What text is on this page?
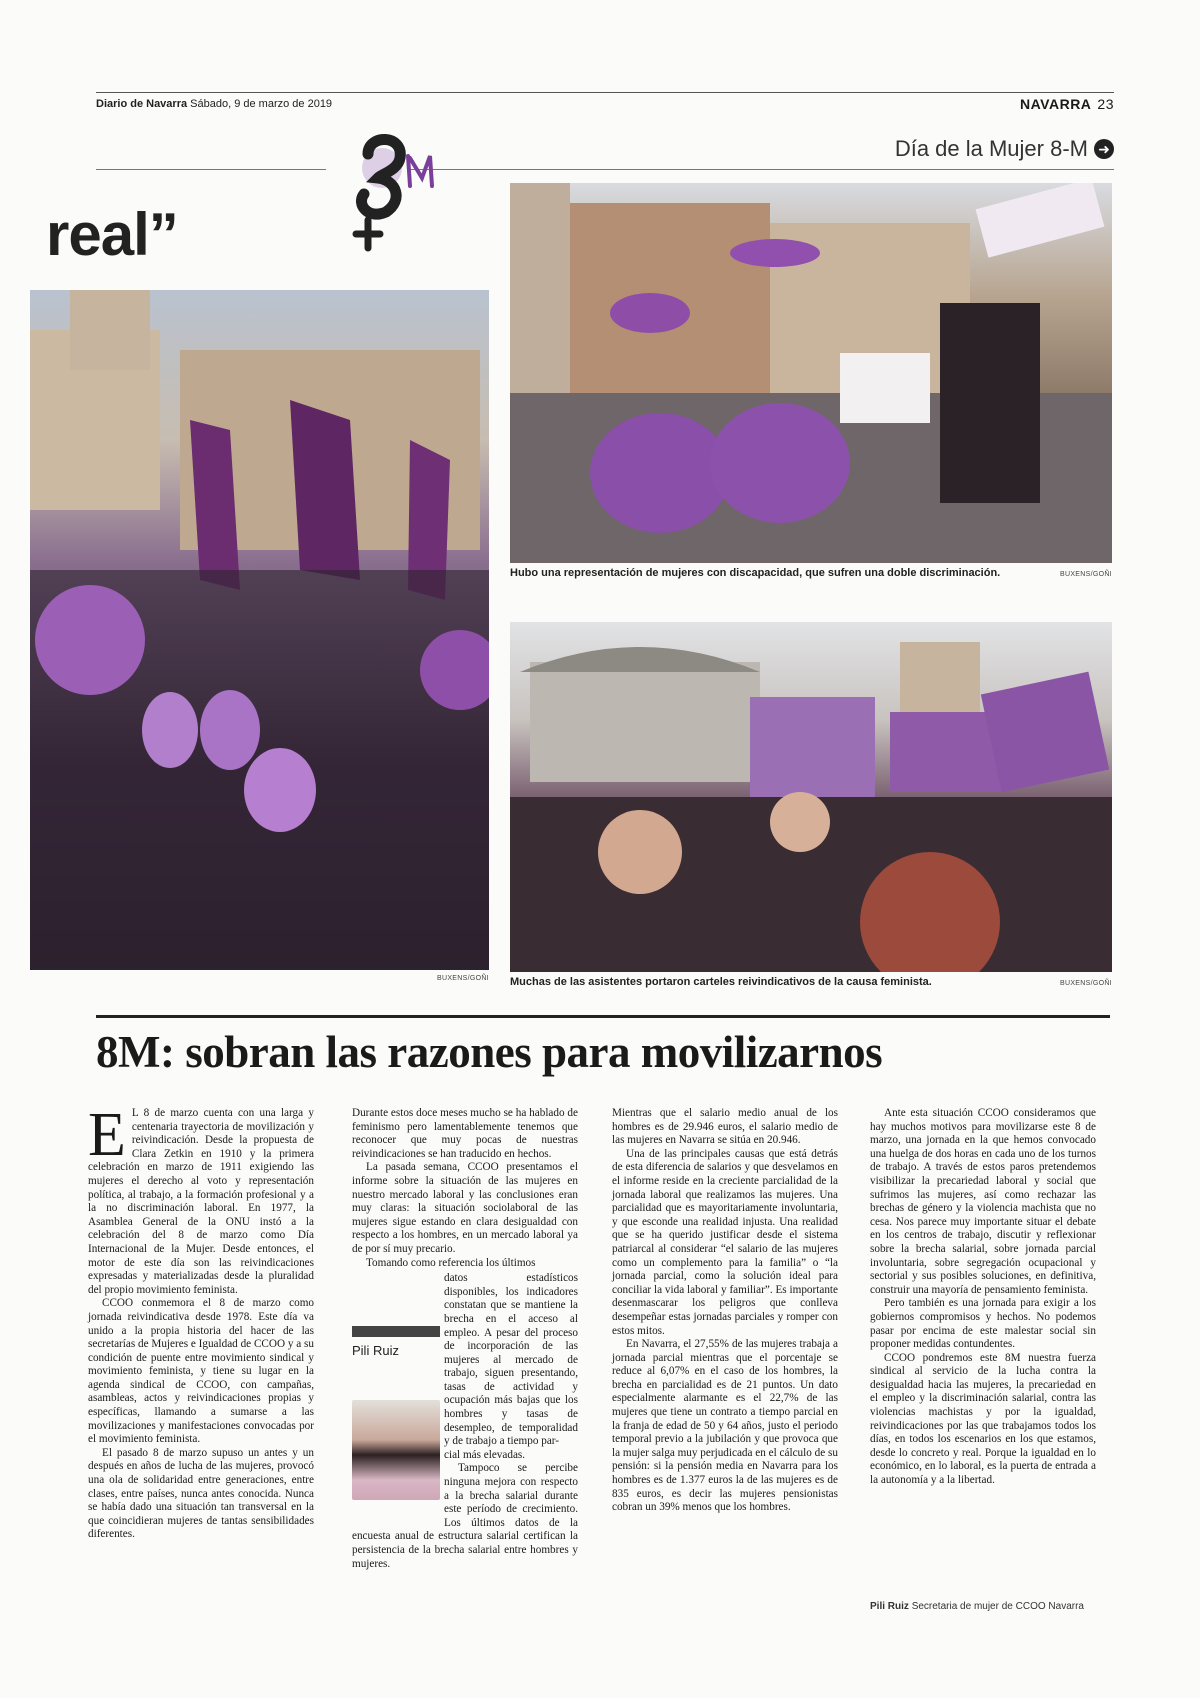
Diario de Navarra Sábado, 9 de marzo de 2019	NAVARRA 23
Día de la Mujer 8-M ➜
real”
BUXENS/GOÑI
Hubo una representación de mujeres con discapacidad, que sufren una doble discriminación.	BUXENS/GOÑI
Muchas de las asistentes portaron carteles reivindicativos de la causa feminista.	BUXENS/GOÑI
8M: sobran las razones para movilizarnos

E L 8 de marzo cuenta con una larga y centenaria trayectoria de movilización y reivindicación. Desde la propuesta de Clara Zetkin en 1910 y la primera celebración en marzo de 1911 exigiendo las mujeres el derecho al voto y representación política, al trabajo, a la formación profesional y a la no discriminación laboral. En 1977, la Asamblea General de la ONU instó a la celebración del 8 de marzo como Día Internacional de la Mujer. Desde entonces, el motor de este día son las reivindicaciones expresadas y materializadas desde la pluralidad del propio movimiento feminista.

CCOO conmemora el 8 de marzo como jornada reivindicativa desde 1978. Este día va unido a la propia historia del hacer de las secretarías de Mujeres e Igualdad de CCOO y a su condición de puente entre movimiento sindical y movimiento feminista, y tiene su lugar en la agenda sindical de CCOO, con campañas, asambleas, actos y reivindicaciones propias y específicas, llamando a sumarse a las movilizaciones y manifestaciones convocadas por el movimiento feminista.

El pasado 8 de marzo supuso un antes y un después en años de lucha de las mujeres, provocó una ola de solidaridad entre generaciones, entre clases, entre países, nunca antes conocida. Nunca se había dado una situación tan transversal en la que coincidieran mujeres de tantas sensibilidades diferentes.

Durante estos doce meses mucho se ha hablado de feminismo pero lamentablemente tenemos que reconocer que muy pocas de nuestras reivindicaciones se han traducido en hechos.

La pasada semana, CCOO presentamos el informe sobre la situación de las mujeres en nuestro mercado laboral y las conclusiones eran muy claras: la situación sociolaboral de las mujeres sigue estando en clara desigualdad con respecto a los hombres, en un mercado laboral ya de por sí muy precario.

Tomando como referencia los últimos

datos estadísticos disponibles, los indicadores constatan que se mantiene la brecha en el acceso al empleo. A pesar del proceso de incorporación de las mujeres al mercado de trabajo, siguen presentando, tasas de actividad y ocupación más bajas que los hombres y tasas de desempleo, de temporalidad y de trabajo a tiempo par-

cial más elevadas.

Tampoco se percibe ninguna mejora con respecto a la brecha salarial durante este período de crecimiento. Los últimos datos de la encuesta anual de estructura salarial certifican la persistencia de la brecha salarial entre hombres y mujeres.

Pili Ruiz

Mientras que el salario medio anual de los hombres es de 29.946 euros, el salario medio de las mujeres en Navarra se sitúa en 20.946.

Una de las principales causas que está detrás de esta diferencia de salarios y que desvelamos en el informe reside en la creciente parcialidad de la jornada laboral que realizamos las mujeres. Una parcialidad que es mayoritariamente involuntaria, y que esconde una realidad injusta. Una realidad que se ha querido justificar desde el sistema patriarcal al considerar “el salario de las mujeres como un complemento para la familia” o “la jornada parcial, como la solución ideal para conciliar la vida laboral y familiar”. Es importante desenmascarar los peligros que conlleva desempeñar estas jornadas parciales y romper con estos mitos.

En Navarra, el 27,55% de las mujeres trabaja a jornada parcial mientras que el porcentaje se reduce al 6,07% en el caso de los hombres, la brecha en parcialidad es de 21 puntos. Un dato especialmente alarmante es el 22,7% de las mujeres que tiene un contrato a tiempo parcial en la franja de edad de 50 y 64 años, justo el periodo temporal previo a la jubilación y que provoca que la mujer salga muy perjudicada en el cálculo de su pensión: si la pensión media en Navarra para los hombres es de 1.377 euros la de las mujeres es de 835 euros, es decir las mujeres pensionistas cobran un 39% menos que los hombres.

Ante esta situación CCOO consideramos que hay muchos motivos para movilizarse este 8 de marzo, una jornada en la que hemos convocado una huelga de dos horas en cada uno de los turnos de trabajo. A través de estos paros pretendemos visibilizar la precariedad laboral y social que sufrimos las mujeres, así como rechazar las brechas de género y la violencia machista que no cesa. Nos parece muy importante situar el debate en los centros de trabajo, discutir y reflexionar sobre la brecha salarial, sobre jornada parcial involuntaria, sobre segregación ocupacional y sectorial y sus posibles soluciones, en definitiva, construir una mayoría de pensamiento feminista.

Pero también es una jornada para exigir a los gobiernos compromisos y hechos. No podemos pasar por encima de este malestar social sin proponer medidas contundentes.

CCOO pondremos este 8M nuestra fuerza sindical al servicio de la lucha contra la desigualdad hacia las mujeres, la precariedad en el empleo y la discriminación salarial, contra las violencias machistas y por la igualdad, reivindicaciones por las que trabajamos todos los días, en todos los escenarios en los que estamos, desde lo concreto y real. Porque la igualdad en lo económico, en lo laboral, es la puerta de entrada a la autonomía y a la libertad.

Pili Ruiz Secretaria de mujer de CCOO Navarra
